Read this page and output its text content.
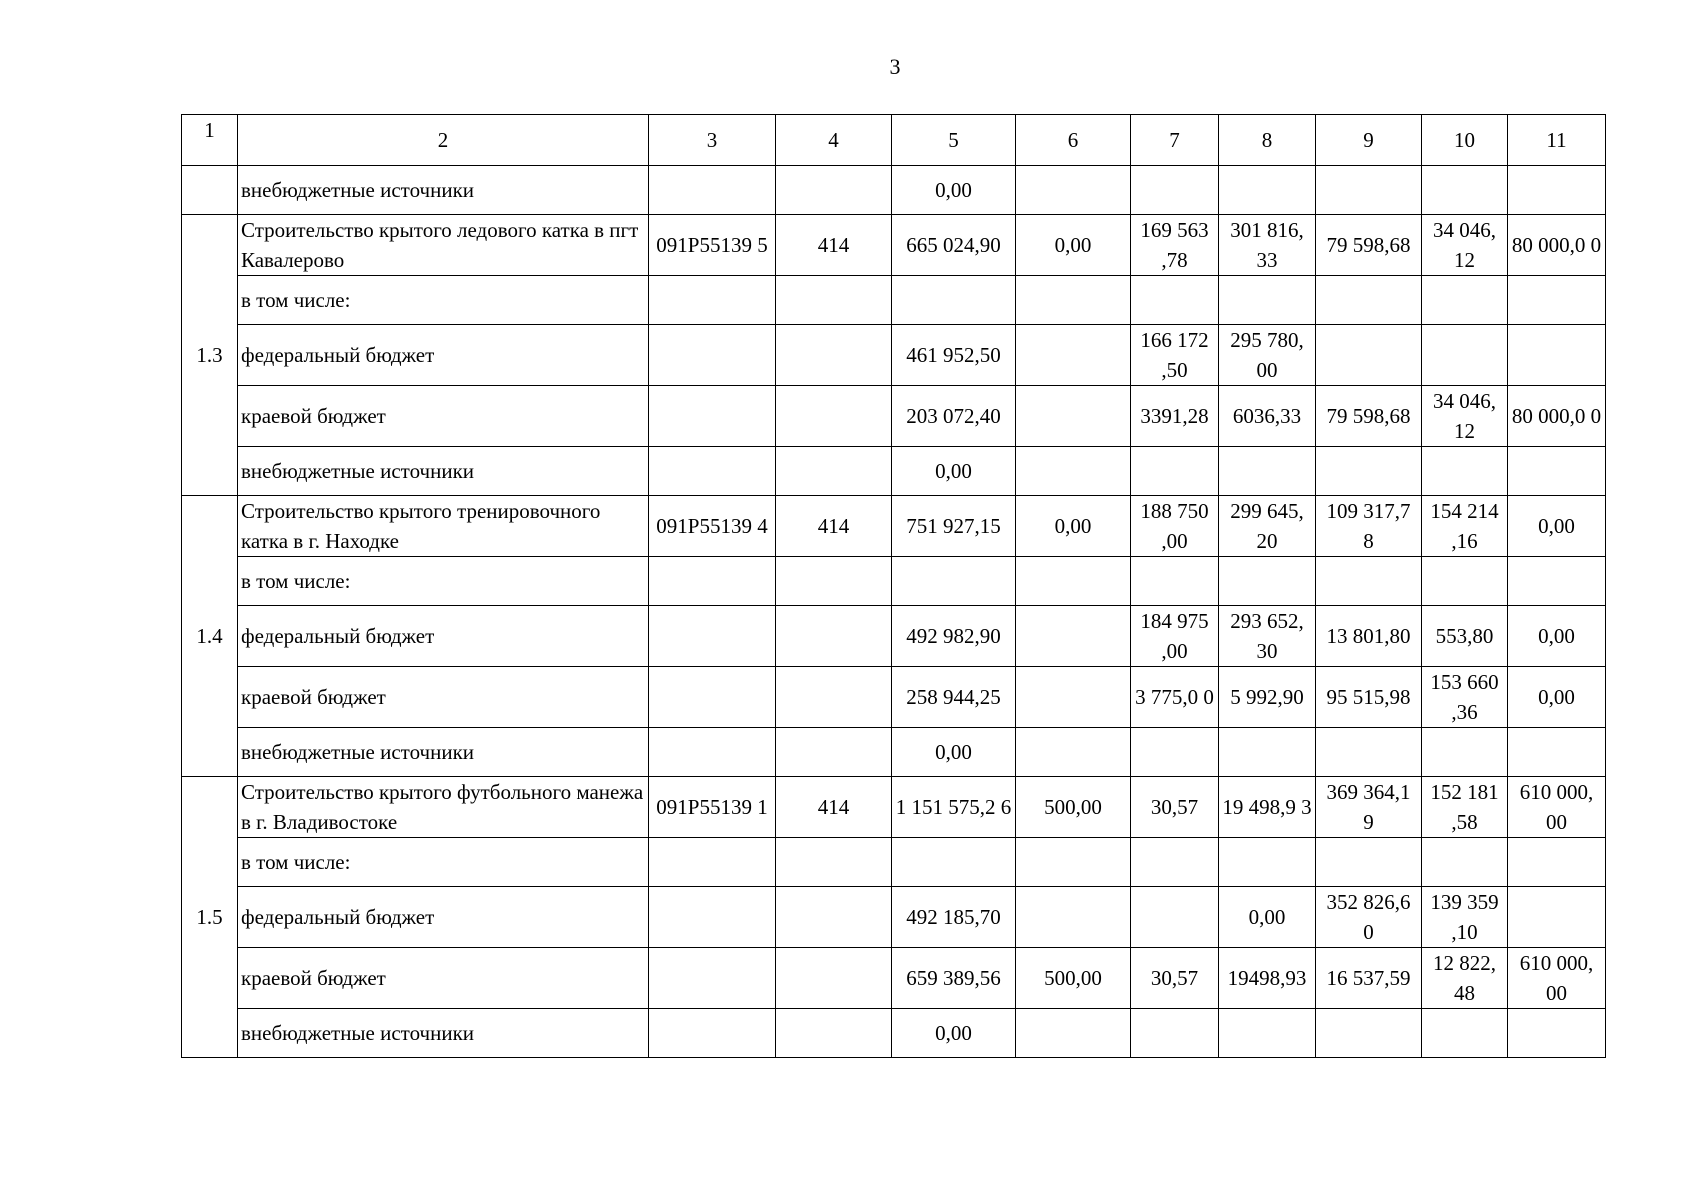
3
1	2	3	4	5	6	7	8	9	10	11
	внебюджетные источники			0,00						
1.3	Строительство крытого ледового катка в пгт Кавалерово	091P55139 5	414	665 024,90	0,00	169 563 ,78	301 816, 33	79 598,68	34 046, 12	80 000,0 0
	в том числе:									
	федеральный бюджет			461 952,50		166 172 ,50	295 780, 00			
	краевой бюджет			203 072,40		3391,28	6036,33	79 598,68	34 046, 12	80 000,0 0
	внебюджетные источники			0,00						
1.4	Строительство крытого тренировочного катка в г. Находке	091P55139 4	414	751 927,15	0,00	188 750 ,00	299 645, 20	109 317,7 8	154 214 ,16	0,00
	в том числе:									
	федеральный бюджет			492 982,90		184 975 ,00	293 652, 30	13 801,80	553,80	0,00
	краевой бюджет			258 944,25		3 775,0 0	5 992,90	95 515,98	153 660 ,36	0,00
	внебюджетные источники			0,00						
1.5	Строительство крытого футбольного манежа в г. Владивостоке	091P55139 1	414	1 151 575,2 6	500,00	30,57	19 498,9 3	369 364,1 9	152 181 ,58	610 000, 00
	в том числе:									
	федеральный бюджет			492 185,70			0,00	352 826,6 0	139 359 ,10	
	краевой бюджет			659 389,56	500,00	30,57	19498,93	16 537,59	12 822, 48	610 000, 00
	внебюджетные источники			0,00						
